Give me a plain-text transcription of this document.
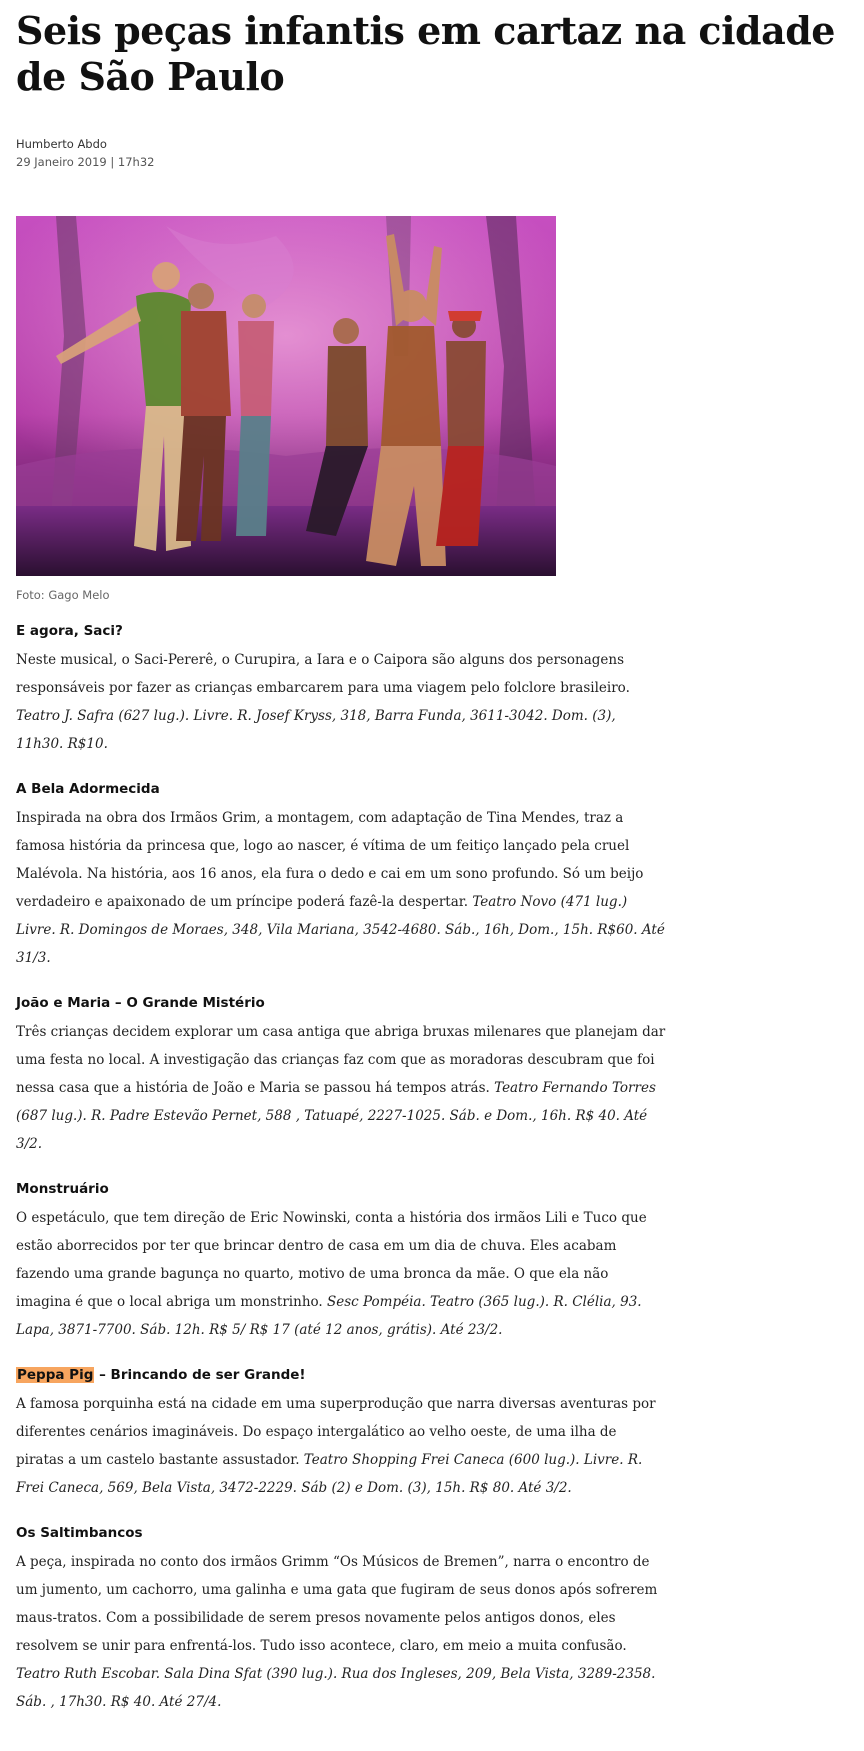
Seis peças infantis em cartaz na cidade de São Paulo
Humberto Abdo
29 Janeiro 2019 | 17h32
Foto: Gago Melo
E agora, Saci?

Neste musical, o Saci-Pererê, o Curupira, a Iara e o Caipora são alguns dos personagens responsáveis por fazer as crianças embarcarem para uma viagem pelo folclore brasileiro. Teatro J. Safra (627 lug.). Livre. R. Josef Kryss, 318, Barra Funda, 3611-3042. Dom. (3), 11h30. R$10.

A Bela Adormecida

Inspirada na obra dos Irmãos Grim, a montagem, com adaptação de Tina Mendes, traz a famosa história da princesa que, logo ao nascer, é vítima de um feitiço lançado pela cruel Malévola. Na história, aos 16 anos, ela fura o dedo e cai em um sono profundo. Só um beijo verdadeiro e apaixonado de um príncipe poderá fazê-la despertar. Teatro Novo (471 lug.) Livre. R. Domingos de Moraes, 348, Vila Mariana, 3542-4680. Sáb., 16h, Dom., 15h. R$60. Até 31/3.

João e Maria – O Grande Mistério

Três crianças decidem explorar um casa antiga que abriga bruxas milenares que planejam dar uma festa no local. A investigação das crianças faz com que as moradoras descubram que foi nessa casa que a história de João e Maria se passou há tempos atrás. Teatro Fernando Torres (687 lug.). R. Padre Estevão Pernet, 588 , Tatuapé, 2227-1025. Sáb. e Dom., 16h. R$ 40. Até 3/2.

Monstruário

O espetáculo, que tem direção de Eric Nowinski, conta a história dos irmãos Lili e Tuco que estão aborrecidos por ter que brincar dentro de casa em um dia de chuva. Eles acabam fazendo uma grande bagunça no quarto, motivo de uma bronca da mãe. O que ela não imagina é que o local abriga um monstrinho. Sesc Pompéia. Teatro (365 lug.). R. Clélia, 93. Lapa, 3871-7700. Sáb. 12h. R$ 5/ R$ 17 (até 12 anos, grátis). Até 23/2.

Peppa Pig – Brincando de ser Grande!

A famosa porquinha está na cidade em uma superprodução que narra diversas aventuras por diferentes cenários imagináveis. Do espaço intergalático ao velho oeste, de uma ilha de piratas a um castelo bastante assustador. Teatro Shopping Frei Caneca (600 lug.). Livre. R. Frei Caneca, 569, Bela Vista, 3472-2229. Sáb (2) e Dom. (3), 15h. R$ 80. Até 3/2.

Os Saltimbancos

A peça, inspirada no conto dos irmãos Grimm “Os Músicos de Bremen”, narra o encontro de um jumento, um cachorro, uma galinha e uma gata que fugiram de seus donos após sofrerem maus-tratos. Com a possibilidade de serem presos novamente pelos antigos donos, eles resolvem se unir para enfrentá-los. Tudo isso acontece, claro, em meio a muita confusão. Teatro Ruth Escobar. Sala Dina Sfat (390 lug.). Rua dos Ingleses, 209, Bela Vista, 3289-2358. Sáb. , 17h30. R$ 40. Até 27/4.
